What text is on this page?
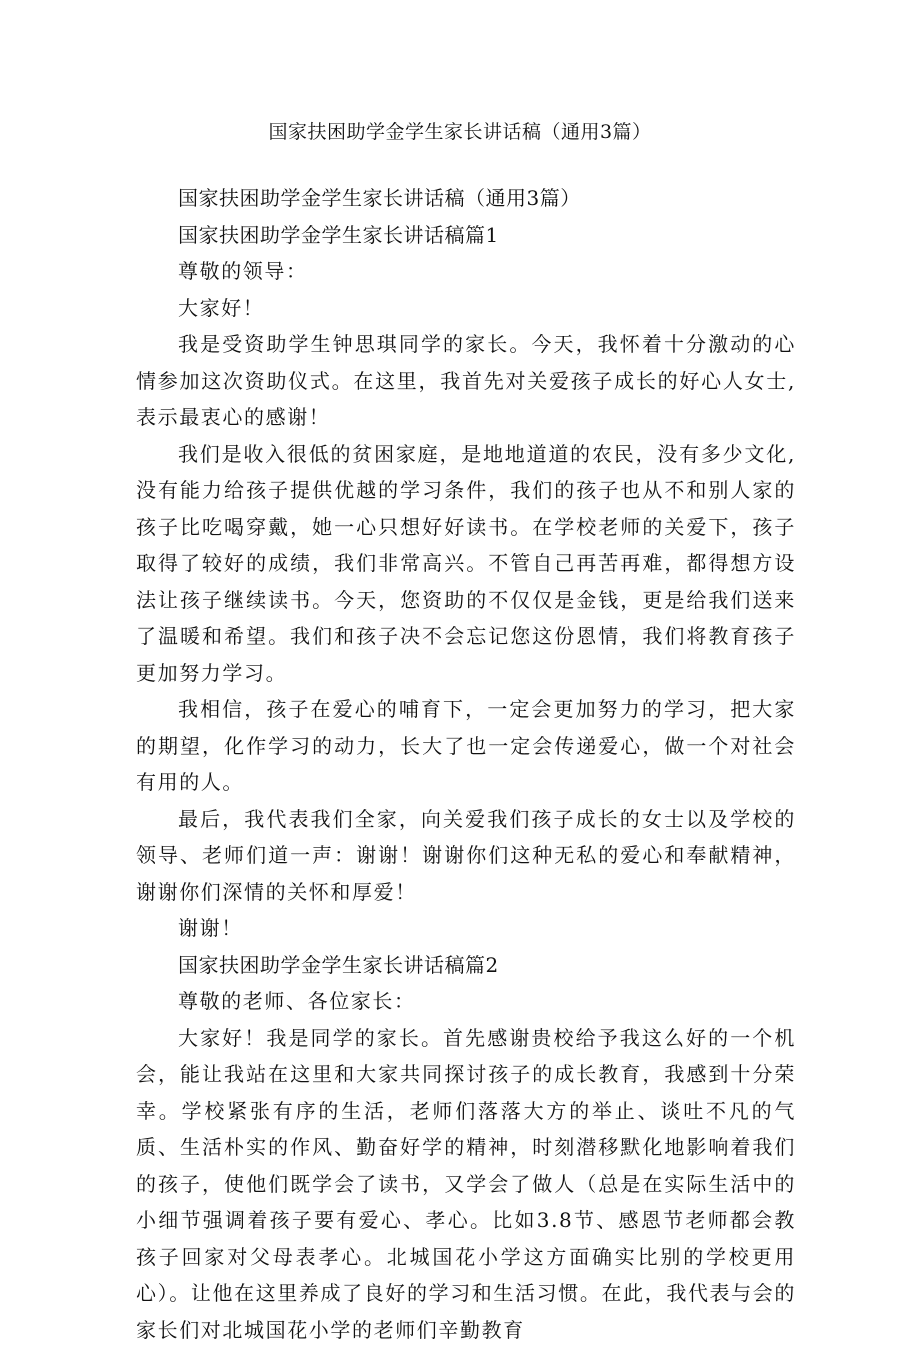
国家扶困助学金学生家长讲话稿（通用3篇）

国家扶困助学金学生家长讲话稿（通用3篇）

国家扶困助学金学生家长讲话稿篇1

尊敬的领导：

大家好！

我是受资助学生钟思琪同学的家长。今天，我怀着十分激动的心情参加这次资助仪式。在这里，我首先对关爱孩子成长的好心人女士,表示最衷心的感谢！

我们是收入很低的贫困家庭，是地地道道的农民，没有多少文化,没有能力给孩子提供优越的学习条件，我们的孩子也从不和别人家的孩子比吃喝穿戴，她一心只想好好读书。在学校老师的关爱下，孩子取得了较好的成绩，我们非常高兴。不管自己再苦再难，都得想方设法让孩子继续读书。今天，您资助的不仅仅是金钱，更是给我们送来了温暖和希望。我们和孩子决不会忘记您这份恩情，我们将教育孩子更加努力学习。

我相信，孩子在爱心的哺育下，一定会更加努力的学习，把大家的期望，化作学习的动力，长大了也一定会传递爱心，做一个对社会有用的人。

最后，我代表我们全家，向关爱我们孩子成长的女士以及学校的领导、老师们道一声：谢谢！谢谢你们这种无私的爱心和奉献精神，谢谢你们深情的关怀和厚爱！

谢谢！

国家扶困助学金学生家长讲话稿篇2

尊敬的老师、各位家长：

大家好！我是同学的家长。首先感谢贵校给予我这么好的一个机会，能让我站在这里和大家共同探讨孩子的成长教育，我感到十分荣幸。学校紧张有序的生活，老师们落落大方的举止、谈吐不凡的气质、生活朴实的作风、勤奋好学的精神，时刻潜移默化地影响着我们的孩子，使他们既学会了读书，又学会了做人（总是在实际生活中的小细节强调着孩子要有爱心、孝心。比如3.8节、感恩节老师都会教孩子回家对父母表孝心。北城国花小学这方面确实比别的学校更用心）。让他在这里养成了良好的学习和生活习惯。在此，我代表与会的家长们对北城国花小学的老师们辛勤教育
